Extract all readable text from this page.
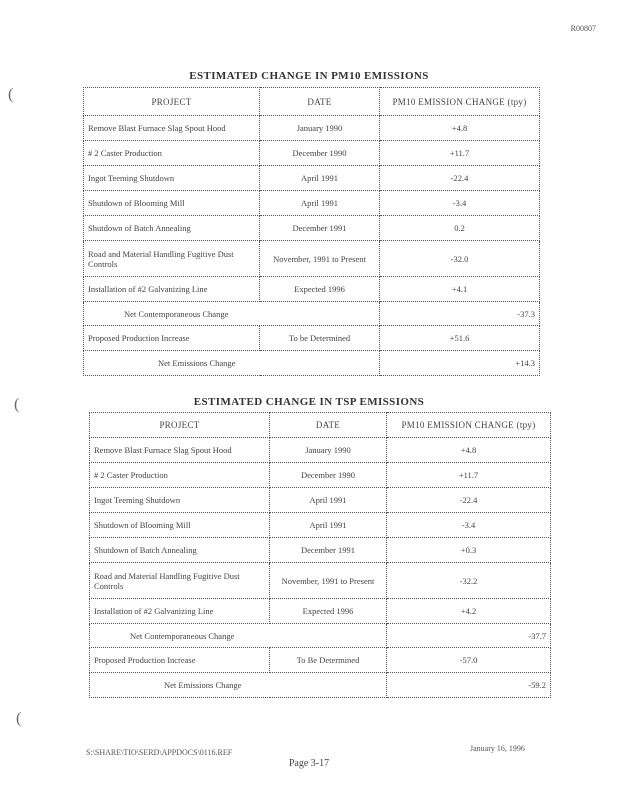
R00807
(
(
(
ESTIMATED CHANGE IN PM10 EMISSIONS
PROJECT	DATE	PM10 EMISSION CHANGE (tpy)
Remove Blast Furnace Slag Spout Hood	January 1990	+4.8
# 2 Caster Production	December 1990	+11.7
Ingot Teeming Shutdown	April 1991	-22.4
Shutdown of Blooming Mill	April 1991	-3.4
Shutdown of Batch Annealing	December 1991	0.2
Road and Material Handling Fugitive Dust Controls	November, 1991 to Present	-32.0
Installation of #2 Galvanizing Line	Expected 1996	+4.1
Net Contemporaneous Change		-37.3
Proposed Production Increase	To be Determined	+51.6
Net Emissions Change		+14.3
ESTIMATED CHANGE IN TSP EMISSIONS
PROJECT	DATE	PM10 EMISSION CHANGE (tpy)
Remove Blast Furnace Slag Spout Hood	January 1990	+4.8
# 2 Caster Production	December 1990	+11.7
Ingot Teeming Shutdown	April 1991	-22.4
Shutdown of Blooming Mill	April 1991	-3.4
Shutdown of Batch Annealing	December 1991	+0.3
Road and Material Handling Fugitive Dust Controls	November, 1991 to Present	-32.2
Installation of #2 Galvanizing Line	Expected 1996	+4.2
Net Contemporaneous Change		-37.7
Proposed Production Increase	To Be Determined	-57.0
Net Emissions Change		-59.2
S:\SHARE\TIO\SERD\APPDOCS\0116.REF	January 16, 1996
Page 3-17
